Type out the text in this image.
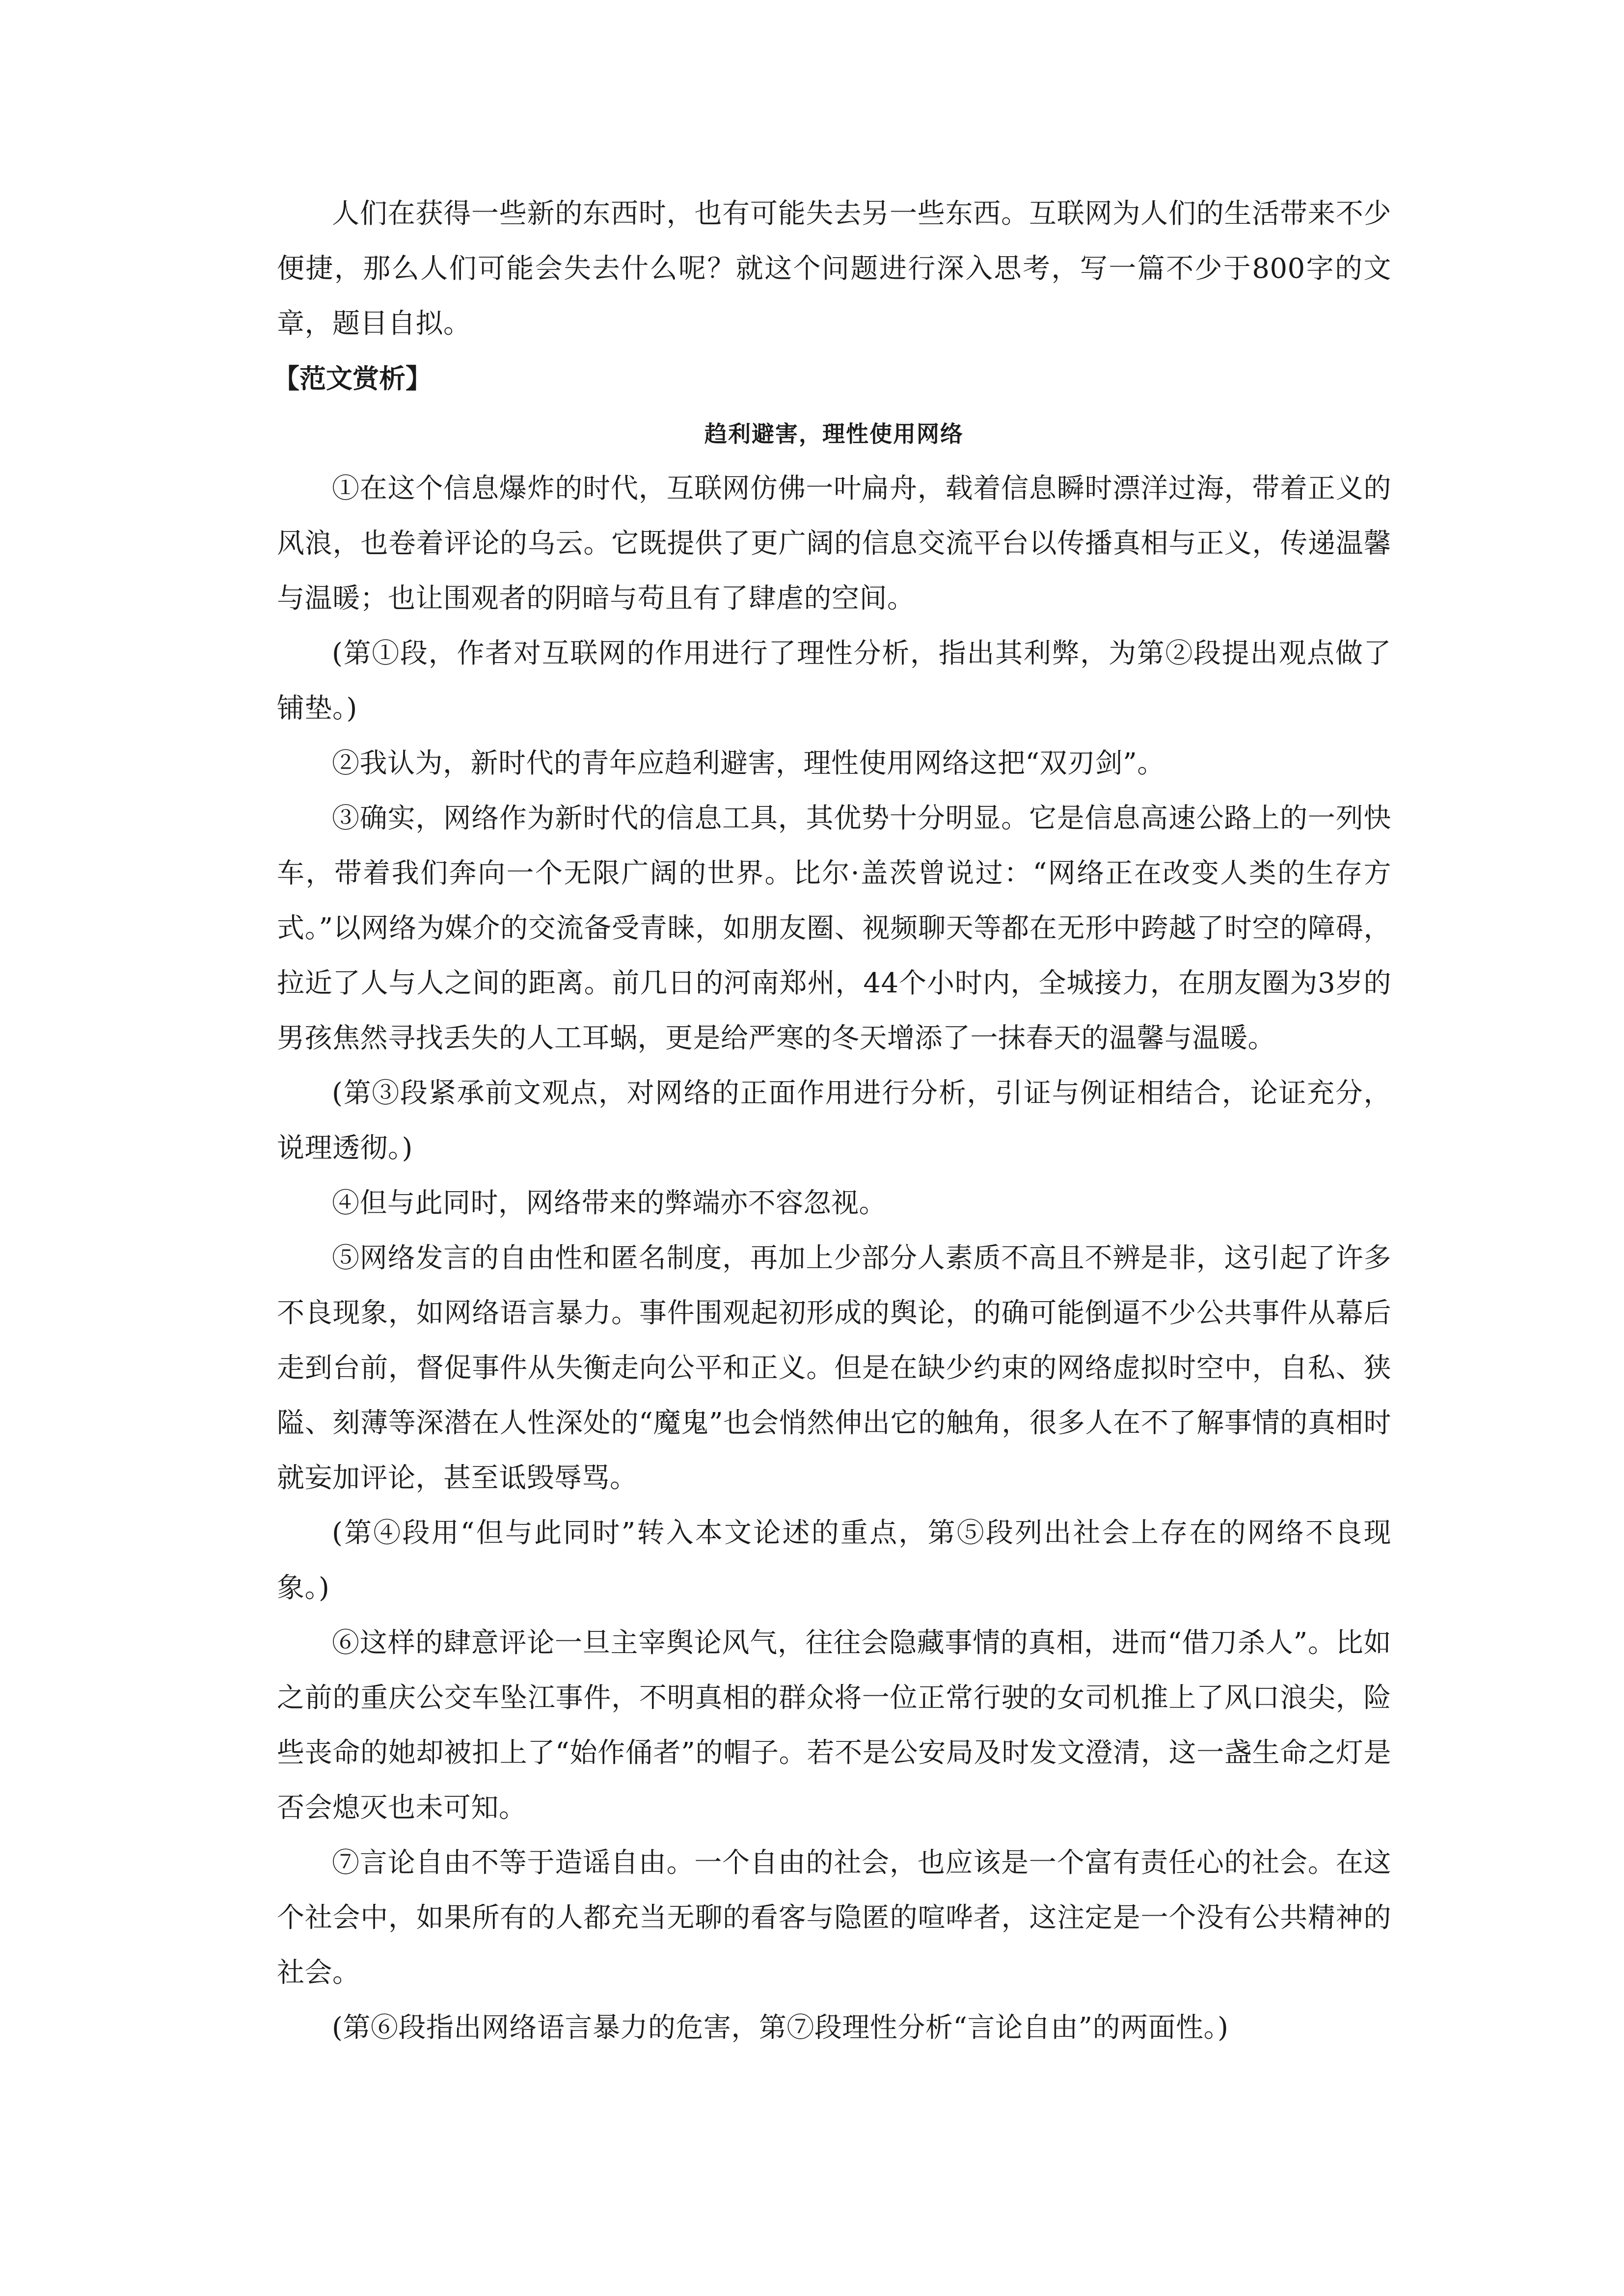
人们在获得一些新的东西时，也有可能失去另一些东西。互联网为人们的生活带来不少便捷，那么人们可能会失去什么呢？就这个问题进行深入思考，写一篇不少于800字的文章，题目自拟。

【范文赏析】

趋利避害，理性使用网络

①在这个信息爆炸的时代，互联网仿佛一叶扁舟，载着信息瞬时漂洋过海，带着正义的风浪，也卷着评论的乌云。它既提供了更广阔的信息交流平台以传播真相与正义，传递温馨与温暖；也让围观者的阴暗与苟且有了肆虐的空间。

(第①段，作者对互联网的作用进行了理性分析，指出其利弊，为第②段提出观点做了铺垫。)

②我认为，新时代的青年应趋利避害，理性使用网络这把“双刃剑”。

③确实，网络作为新时代的信息工具，其优势十分明显。它是信息高速公路上的一列快车，带着我们奔向一个无限广阔的世界。比尔·盖茨曾说过：“网络正在改变人类的生存方式。”以网络为媒介的交流备受青睐，如朋友圈、视频聊天等都在无形中跨越了时空的障碍，拉近了人与人之间的距离。前几日的河南郑州，44个小时内，全城接力，在朋友圈为3岁的男孩焦然寻找丢失的人工耳蜗，更是给严寒的冬天增添了一抹春天的温馨与温暖。

(第③段紧承前文观点，对网络的正面作用进行分析，引证与例证相结合，论证充分，说理透彻。)

④但与此同时，网络带来的弊端亦不容忽视。

⑤网络发言的自由性和匿名制度，再加上少部分人素质不高且不辨是非，这引起了许多不良现象，如网络语言暴力。事件围观起初形成的舆论，的确可能倒逼不少公共事件从幕后走到台前，督促事件从失衡走向公平和正义。但是在缺少约束的网络虚拟时空中，自私、狭隘、刻薄等深潜在人性深处的“魔鬼”也会悄然伸出它的触角，很多人在不了解事情的真相时就妄加评论，甚至诋毁辱骂。

(第④段用“但与此同时”转入本文论述的重点，第⑤段列出社会上存在的网络不良现象。)

⑥这样的肆意评论一旦主宰舆论风气，往往会隐藏事情的真相，进而“借刀杀人”。比如之前的重庆公交车坠江事件，不明真相的群众将一位正常行驶的女司机推上了风口浪尖，险些丧命的她却被扣上了“始作俑者”的帽子。若不是公安局及时发文澄清，这一盏生命之灯是否会熄灭也未可知。

⑦言论自由不等于造谣自由。一个自由的社会，也应该是一个富有责任心的社会。在这个社会中，如果所有的人都充当无聊的看客与隐匿的喧哗者，这注定是一个没有公共精神的社会。

(第⑥段指出网络语言暴力的危害，第⑦段理性分析“言论自由”的两面性。)
